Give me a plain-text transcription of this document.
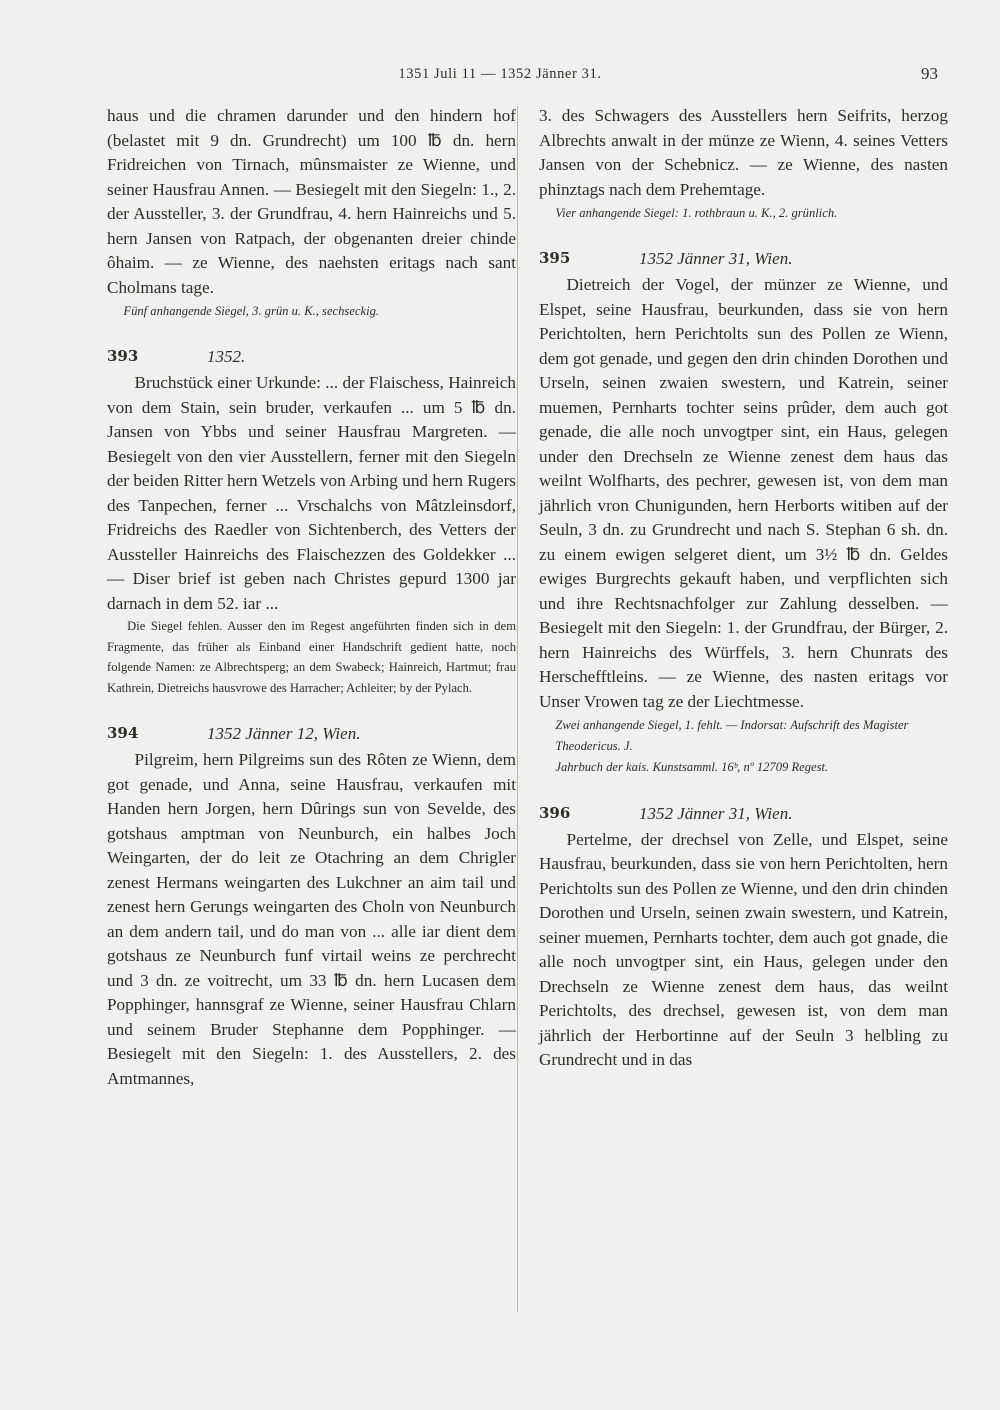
1351 Juli 11 — 1352 Jänner 31.	93

haus und die chramen darunder und den hindern hof (belastet mit 9 dn. Grundrecht) um 100 ℔ dn. hern Fridreichen von Tirnach, mûnsmaister ze Wienne, und seiner Hausfrau Annen. — Besiegelt mit den Siegeln: 1., 2. der Aussteller, 3. der Grundfrau, 4. hern Hainreichs und 5. hern Jansen von Ratpach, der obgenanten dreier chinde ôhaim. — ze Wienne, des naehsten eritags nach sant Cholmans tage.

Fünf anhangende Siegel, 3. grün u. K., sechseckig.

393	1352.

Bruchstück einer Urkunde: ... der Flaischess, Hainreich von dem Stain, sein bruder, verkaufen ... um 5 ℔ dn. Jansen von Ybbs und seiner Hausfrau Margreten. — Besiegelt von den vier Ausstellern, ferner mit den Siegeln der beiden Ritter hern Wetzels von Arbing und hern Rugers des Tanpechen, ferner ... Vrschalchs von Mâtzleinsdorf, Fridreichs des Raedler von Sichtenberch, des Vetters der Aussteller Hainreichs des Flaischezzen des Goldekker ... — Diser brief ist geben nach Christes gepurd 1300 jar darnach in dem 52. iar ...

Die Siegel fehlen. Ausser den im Regest angeführten finden sich in dem Fragmente, das früher als Einband einer Handschrift gedient hatte, noch folgende Namen: ze Albrechtsperg; an dem Swabeck; Hainreich, Hartmut; frau Kathrein, Dietreichs hausvrowe des Harracher; Achleiter; by der Pylach.

394	1352 Jänner 12, Wien.

Pilgreim, hern Pilgreims sun des Rôten ze Wienn, dem got genade, und Anna, seine Hausfrau, verkaufen mit Handen hern Jorgen, hern Dûrings sun von Sevelde, des gotshaus amptman von Neunburch, ein halbes Joch Weingarten, der do leit ze Otachring an dem Chrigler zenest Hermans weingarten des Lukchner an aim tail und zenest hern Gerungs weingarten des Choln von Neunburch an dem andern tail, und do man von ... alle iar dient dem gotshaus ze Neunburch funf virtail weins ze perchrecht und 3 dn. ze voitrecht, um 33 ℔ dn. hern Lucasen dem Popphinger, hannsgraf ze Wienne, seiner Hausfrau Chlarn und seinem Bruder Stephanne dem Popphinger. — Besiegelt mit den Siegeln: 1. des Ausstellers, 2. des Amtmannes,

3. des Schwagers des Ausstellers hern Seifrits, herzog Albrechts anwalt in der münze ze Wienn, 4. seines Vetters Jansen von der Schebnicz. — ze Wienne, des nasten phinztags nach dem Prehemtage.

Vier anhangende Siegel: 1. rothbraun u. K., 2. grünlich.

395	1352 Jänner 31, Wien.

Dietreich der Vogel, der münzer ze Wienne, und Elspet, seine Hausfrau, beurkunden, dass sie von hern Perichtolten, hern Perichtolts sun des Pollen ze Wienn, dem got genade, und gegen den drin chinden Dorothen und Urseln, seinen zwaien swestern, und Katrein, seiner muemen, Pernharts tochter seins prûder, dem auch got genade, die alle noch unvogtper sint, ein Haus, gelegen under den Drechseln ze Wienne zenest dem haus das weilnt Wolfharts, des pechrer, gewesen ist, von dem man jährlich vron Chunigunden, hern Herborts witiben auf der Seuln, 3 dn. zu Grundrecht und nach S. Stephan 6 sh. dn. zu einem ewigen selgeret dient, um 3½ ℔ dn. Geldes ewiges Burgrechts gekauft haben, und verpflichten sich und ihre Rechtsnachfolger zur Zahlung desselben. — Besiegelt mit den Siegeln: 1. der Grundfrau, der Bürger, 2. hern Hainreichs des Würffels, 3. hern Chunrats des Herschefftleins. — ze Wienne, des nasten eritags vor Unser Vrowen tag ze der Liechtmesse.

Zwei anhangende Siegel, 1. fehlt. — Indorsat: Aufschrift des Magister Theodericus. J.

Jahrbuch der kais. Kunstsamml. 16ᵇ, nº 12709 Regest.

396	1352 Jänner 31, Wien.

Pertelme, der drechsel von Zelle, und Elspet, seine Hausfrau, beurkunden, dass sie von hern Perichtolten, hern Perichtolts sun des Pollen ze Wienne, und den drin chinden Dorothen und Urseln, seinen zwain swestern, und Katrein, seiner muemen, Pernharts tochter, dem auch got gnade, die alle noch unvogtper sint, ein Haus, gelegen under den Drechseln ze Wienne zenest dem haus, das weilnt Perichtolts, des drechsel, gewesen ist, von dem man jährlich der Herbortinne auf der Seuln 3 helbling zu Grundrecht und in das
